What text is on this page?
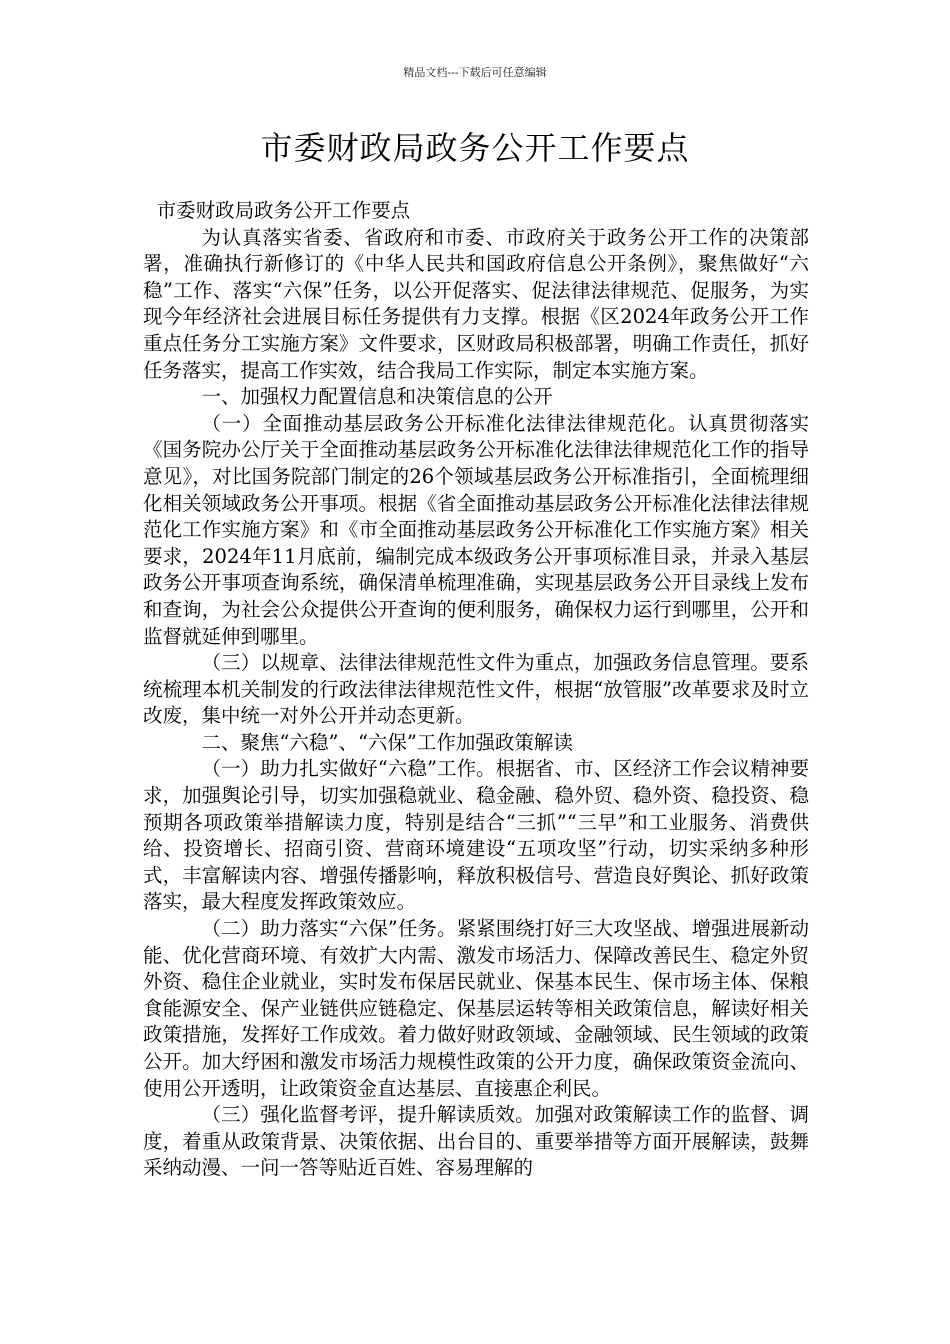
精品文档---下载后可任意编辑
市委财政局政务公开工作要点

市委财政局政务公开工作要点

为认真落实省委、省政府和市委、市政府关于政务公开工作的决策部署，准确执行新修订的《中华人民共和国政府信息公开条例》，聚焦做好“六稳”工作、落实“六保”任务，以公开促落实、促法律法律规范、促服务，为实现今年经济社会进展目标任务提供有力支撑。根据《区2024年政务公开工作重点任务分工实施方案》文件要求，区财政局积极部署，明确工作责任，抓好任务落实，提高工作实效，结合我局工作实际，制定本实施方案。

一、加强权力配置信息和决策信息的公开

（一）全面推动基层政务公开标准化法律法律规范化。认真贯彻落实《国务院办公厅关于全面推动基层政务公开标准化法律法律规范化工作的指导意见》，对比国务院部门制定的26个领域基层政务公开标准指引，全面梳理细化相关领域政务公开事项。根据《省全面推动基层政务公开标准化法律法律规范化工作实施方案》和《市全面推动基层政务公开标准化工作实施方案》相关要求，2024年11月底前，编制完成本级政务公开事项标准目录，并录入基层政务公开事项查询系统，确保清单梳理准确，实现基层政务公开目录线上发布和查询，为社会公众提供公开查询的便利服务，确保权力运行到哪里，公开和监督就延伸到哪里。

（三）以规章、法律法律规范性文件为重点，加强政务信息管理。要系统梳理本机关制发的行政法律法律规范性文件，根据“放管服”改革要求及时立改废，集中统一对外公开并动态更新。

二、聚焦“六稳”、“六保”工作加强政策解读

（一）助力扎实做好“六稳”工作。根据省、市、区经济工作会议精神要求，加强舆论引导，切实加强稳就业、稳金融、稳外贸、稳外资、稳投资、稳预期各项政策举措解读力度，特别是结合“三抓”“三早”和工业服务、消费供给、投资增长、招商引资、营商环境建设“五项攻坚”行动，切实采纳多种形式，丰富解读内容、增强传播影响，释放积极信号、营造良好舆论、抓好政策落实，最大程度发挥政策效应。

（二）助力落实“六保”任务。紧紧围绕打好三大攻坚战、增强进展新动能、优化营商环境、有效扩大内需、激发市场活力、保障改善民生、稳定外贸外资、稳住企业就业，实时发布保居民就业、保基本民生、保市场主体、保粮食能源安全、保产业链供应链稳定、保基层运转等相关政策信息，解读好相关政策措施，发挥好工作成效。着力做好财政领域、金融领域、民生领域的政策公开。加大纾困和激发市场活力规模性政策的公开力度，确保政策资金流向、使用公开透明，让政策资金直达基层、直接惠企利民。

（三）强化监督考评，提升解读质效。加强对政策解读工作的监督、调度，着重从政策背景、决策依据、出台目的、重要举措等方面开展解读，鼓舞采纳动漫、一问一答等贴近百姓、容易理解的
